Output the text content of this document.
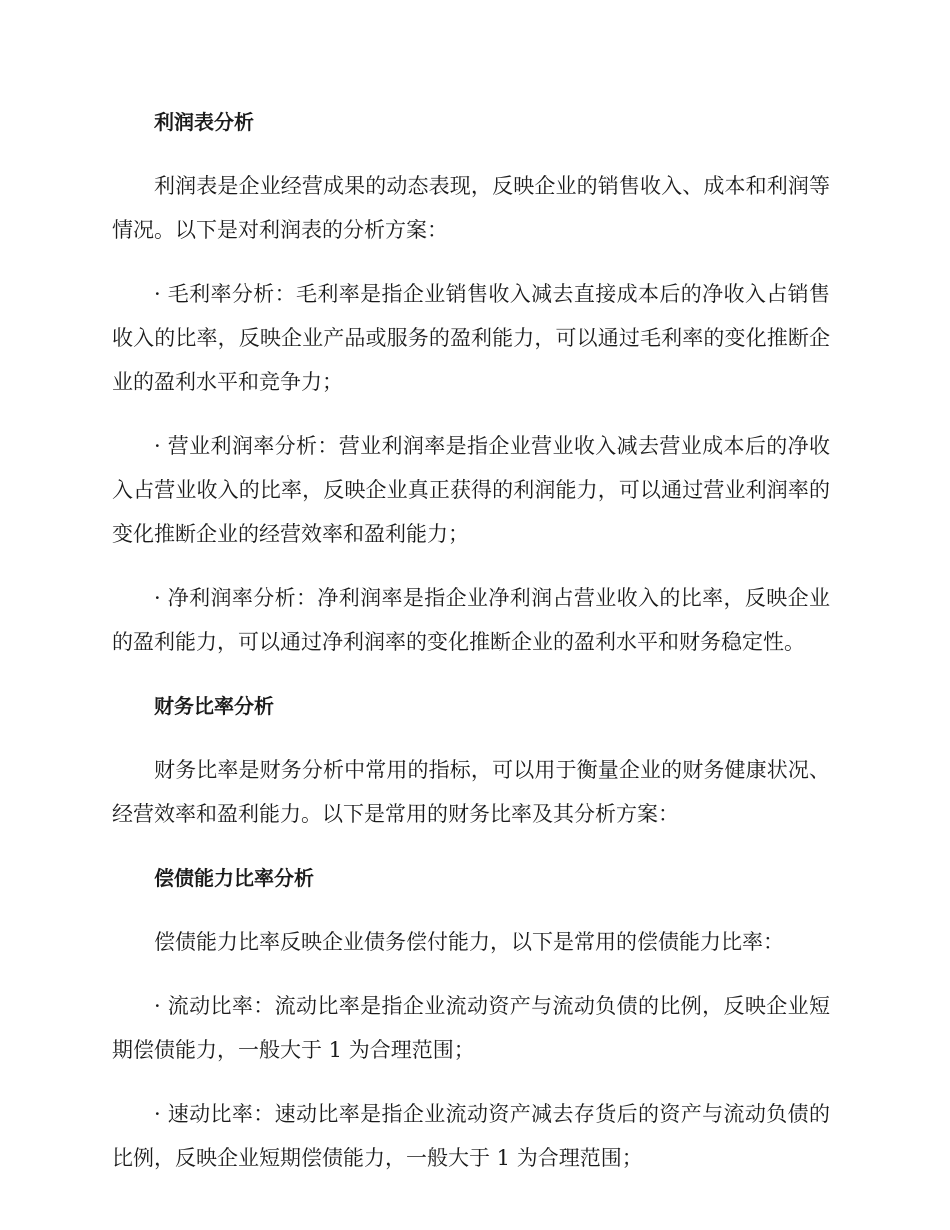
利润表分析
利润表是企业经营成果的动态表现，反映企业的销售收入、成本和利润等情况。以下是对利润表的分析方案：
· 毛利率分析：毛利率是指企业销售收入减去直接成本后的净收入占销售收入的比率，反映企业产品或服务的盈利能力，可以通过毛利率的变化推断企业的盈利水平和竞争力；
· 营业利润率分析：营业利润率是指企业营业收入减去营业成本后的净收入占营业收入的比率，反映企业真正获得的利润能力，可以通过营业利润率的变化推断企业的经营效率和盈利能力；
· 净利润率分析：净利润率是指企业净利润占营业收入的比率，反映企业的盈利能力，可以通过净利润率的变化推断企业的盈利水平和财务稳定性。
财务比率分析
财务比率是财务分析中常用的指标，可以用于衡量企业的财务健康状况、经营效率和盈利能力。以下是常用的财务比率及其分析方案：
偿债能力比率分析
偿债能力比率反映企业债务偿付能力，以下是常用的偿债能力比率：
· 流动比率：流动比率是指企业流动资产与流动负债的比例，反映企业短期偿债能力，一般大于 1 为合理范围；
· 速动比率：速动比率是指企业流动资产减去存货后的资产与流动负债的比例，反映企业短期偿债能力，一般大于 1 为合理范围；
